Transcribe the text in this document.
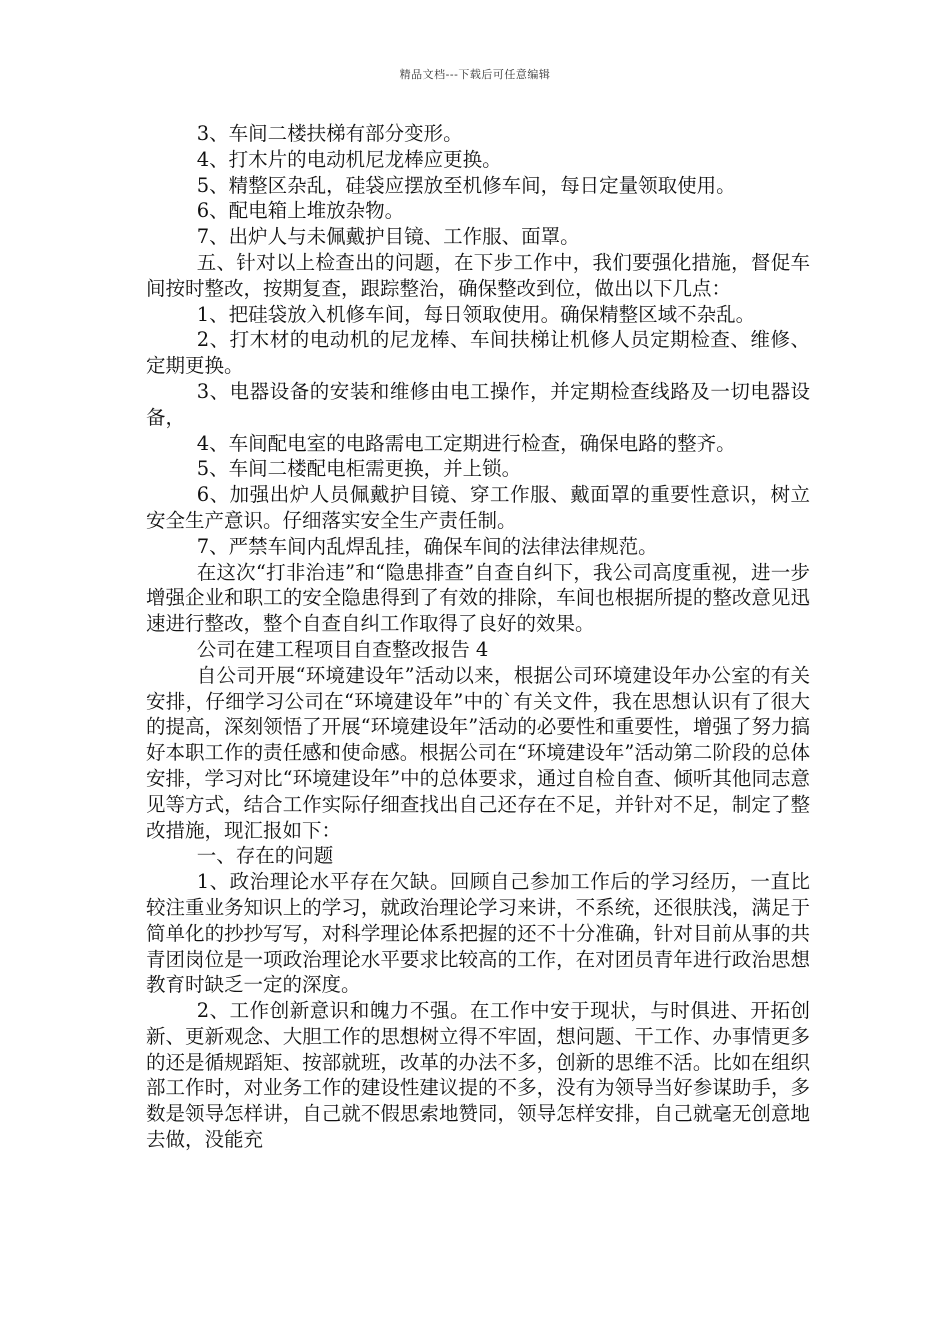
精品文档---下载后可任意编辑

3、车间二楼扶梯有部分变形。

4、打木片的电动机尼龙棒应更换。

5、精整区杂乱，硅袋应摆放至机修车间，每日定量领取使用。

6、配电箱上堆放杂物。

7、出炉人与未佩戴护目镜、工作服、面罩。

五、针对以上检查出的问题，在下步工作中，我们要强化措施，督促车间按时整改，按期复查，跟踪整治，确保整改到位，做出以下几点：

1、把硅袋放入机修车间，每日领取使用。确保精整区域不杂乱。

2、打木材的电动机的尼龙棒、车间扶梯让机修人员定期检查、维修、定期更换。

3、电器设备的安装和维修由电工操作，并定期检查线路及一切电器设备，

4、车间配电室的电路需电工定期进行检查，确保电路的整齐。

5、车间二楼配电柜需更换，并上锁。

6、加强出炉人员佩戴护目镜、穿工作服、戴面罩的重要性意识，树立安全生产意识。仔细落实安全生产责任制。

7、严禁车间内乱焊乱挂，确保车间的法律法律规范。

在这次“打非治违”和“隐患排查”自查自纠下，我公司高度重视，进一步增强企业和职工的安全隐患得到了有效的排除，车间也根据所提的整改意见迅速进行整改，整个自查自纠工作取得了良好的效果。

公司在建工程项目自查整改报告 4

自公司开展“环境建设年”活动以来，根据公司环境建设年办公室的有关安排，仔细学习公司在“环境建设年”中的`有关文件，我在思想认识有了很大的提高，深刻领悟了开展“环境建设年”活动的必要性和重要性，增强了努力搞好本职工作的责任感和使命感。根据公司在“环境建设年”活动第二阶段的总体安排，学习对比“环境建设年”中的总体要求，通过自检自查、倾听其他同志意见等方式，结合工作实际仔细查找出自己还存在不足，并针对不足，制定了整改措施，现汇报如下：

一、存在的问题

1、政治理论水平存在欠缺。回顾自己参加工作后的学习经历，一直比较注重业务知识上的学习，就政治理论学习来讲，不系统，还很肤浅，满足于简单化的抄抄写写，对科学理论体系把握的还不十分准确，针对目前从事的共青团岗位是一项政治理论水平要求比较高的工作，在对团员青年进行政治思想教育时缺乏一定的深度。

2、工作创新意识和魄力不强。在工作中安于现状，与时俱进、开拓创新、更新观念、大胆工作的思想树立得不牢固，想问题、干工作、办事情更多的还是循规蹈矩、按部就班，改革的办法不多，创新的思维不活。比如在组织部工作时，对业务工作的建设性建议提的不多，没有为领导当好参谋助手，多数是领导怎样讲，自己就不假思索地赞同，领导怎样安排，自己就毫无创意地去做，没能充
